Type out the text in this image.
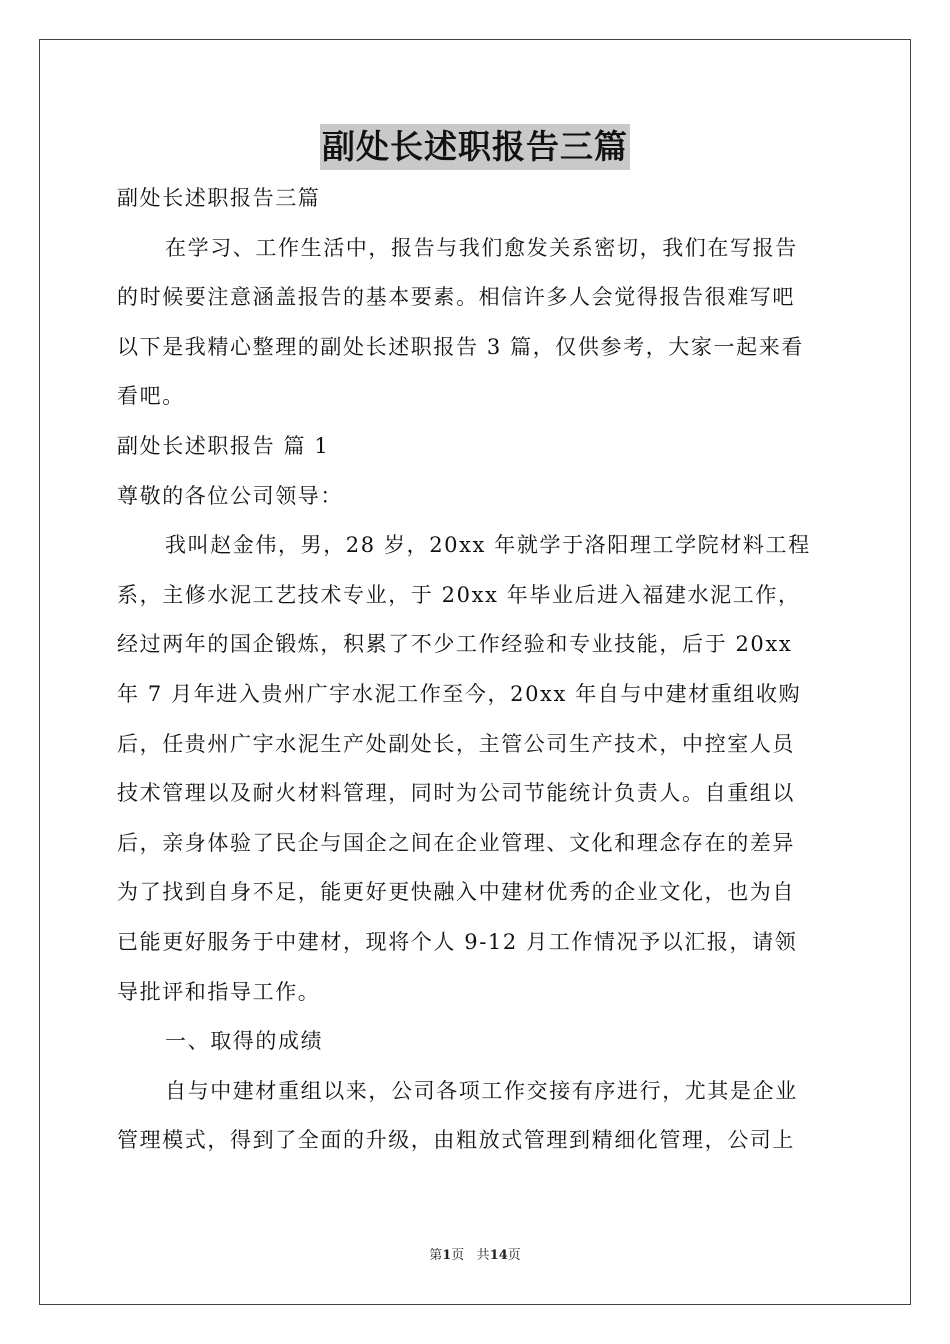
副处长述职报告三篇
副处长述职报告三篇
在学习、工作生活中，报告与我们愈发关系密切，我们在写报告
的时候要注意涵盖报告的基本要素。相信许多人会觉得报告很难写吧
以下是我精心整理的副处长述职报告 3 篇，仅供参考，大家一起来看
看吧。
副处长述职报告 篇 1
尊敬的各位公司领导：
我叫赵金伟，男，28 岁，20xx 年就学于洛阳理工学院材料工程
系，主修水泥工艺技术专业，于 20xx 年毕业后进入福建水泥工作，
经过两年的国企锻炼，积累了不少工作经验和专业技能，后于 20xx
年 7 月年进入贵州广宇水泥工作至今，20xx 年自与中建材重组收购
后，任贵州广宇水泥生产处副处长，主管公司生产技术，中控室人员
技术管理以及耐火材料管理，同时为公司节能统计负责人。自重组以
后，亲身体验了民企与国企之间在企业管理、文化和理念存在的差异
为了找到自身不足，能更好更快融入中建材优秀的企业文化，也为自
已能更好服务于中建材，现将个人 9-12 月工作情况予以汇报，请领
导批评和指导工作。
一、取得的成绩
自与中建材重组以来，公司各项工作交接有序进行，尤其是企业
管理模式，得到了全面的升级，由粗放式管理到精细化管理，公司上
第1页 共14页
